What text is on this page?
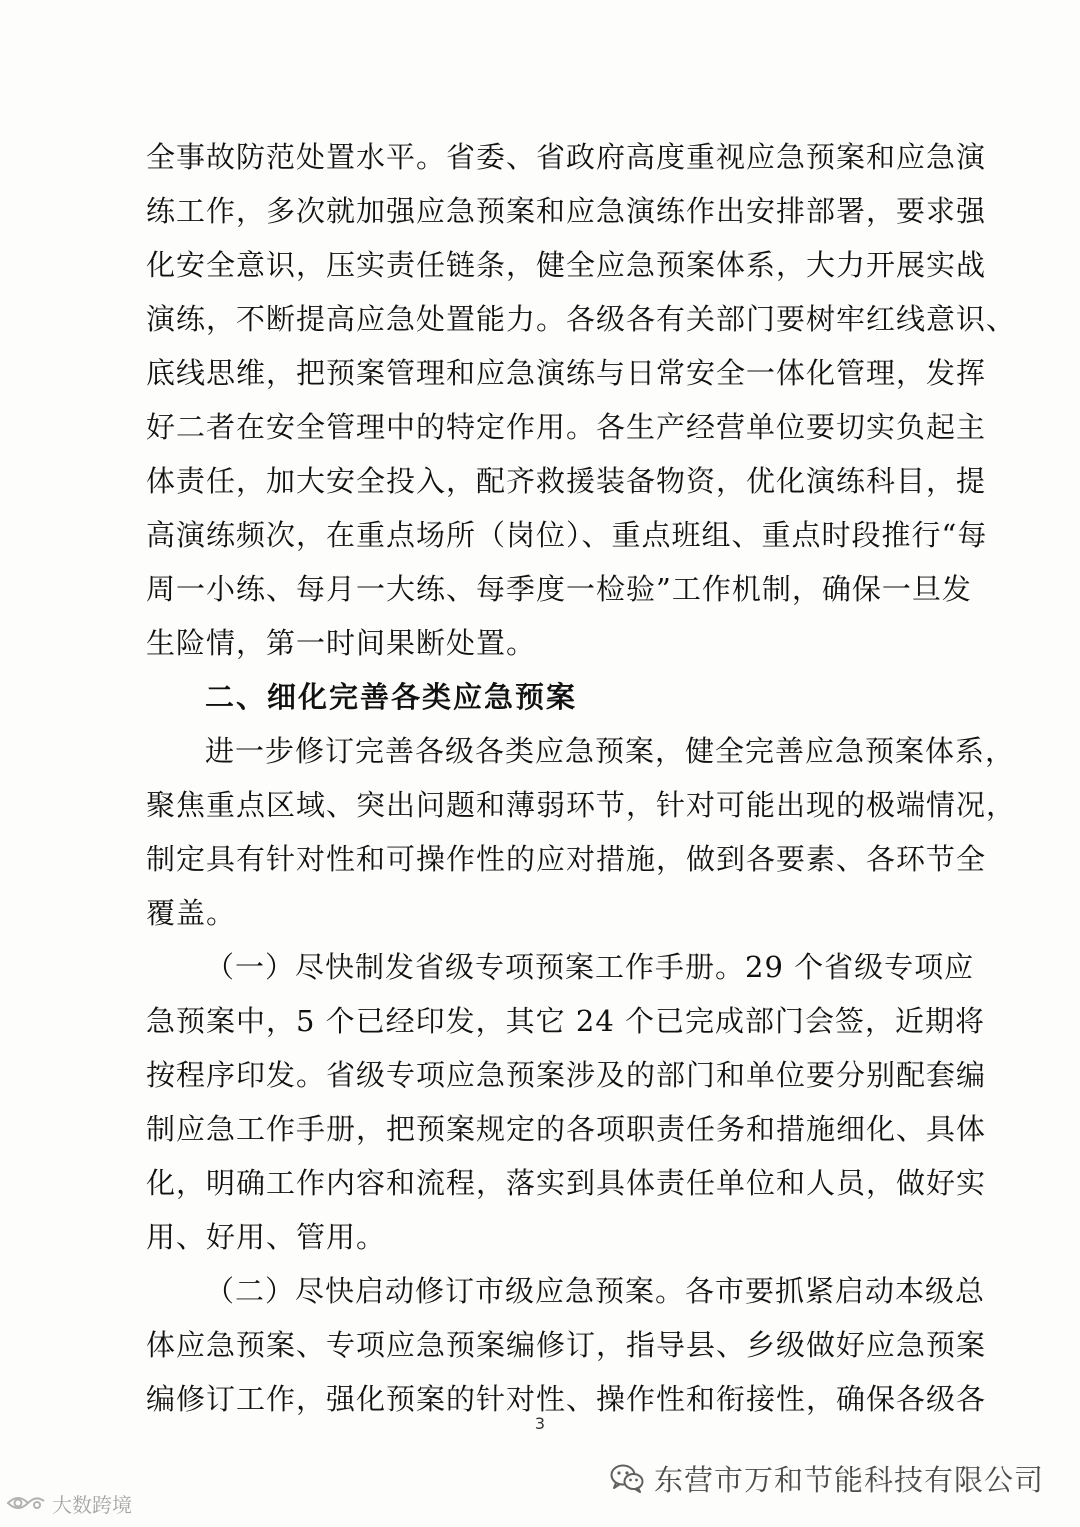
全事故防范处置水平。省委、省政府高度重视应急预案和应急演
练工作，多次就加强应急预案和应急演练作出安排部署，要求强
化安全意识，压实责任链条，健全应急预案体系，大力开展实战
演练，不断提高应急处置能力。各级各有关部门要树牢红线意识、
底线思维，把预案管理和应急演练与日常安全一体化管理，发挥
好二者在安全管理中的特定作用。各生产经营单位要切实负起主
体责任，加大安全投入，配齐救援装备物资，优化演练科目，提
高演练频次，在重点场所（岗位）、重点班组、重点时段推行“每
周一小练、每月一大练、每季度一检验”工作机制，确保一旦发
生险情，第一时间果断处置。
二、细化完善各类应急预案
进一步修订完善各级各类应急预案，健全完善应急预案体系，
聚焦重点区域、突出问题和薄弱环节，针对可能出现的极端情况，
制定具有针对性和可操作性的应对措施，做到各要素、各环节全
覆盖。
（一）尽快制发省级专项预案工作手册。29 个省级专项应
急预案中，5 个已经印发，其它 24 个已完成部门会签，近期将
按程序印发。省级专项应急预案涉及的部门和单位要分别配套编
制应急工作手册，把预案规定的各项职责任务和措施细化、具体
化，明确工作内容和流程，落实到具体责任单位和人员，做好实
用、好用、管用。
（二）尽快启动修订市级应急预案。各市要抓紧启动本级总
体应急预案、专项应急预案编修订，指导县、乡级做好应急预案
编修订工作，强化预案的针对性、操作性和衔接性，确保各级各
3
东营市万和节能科技有限公司
大数跨境
